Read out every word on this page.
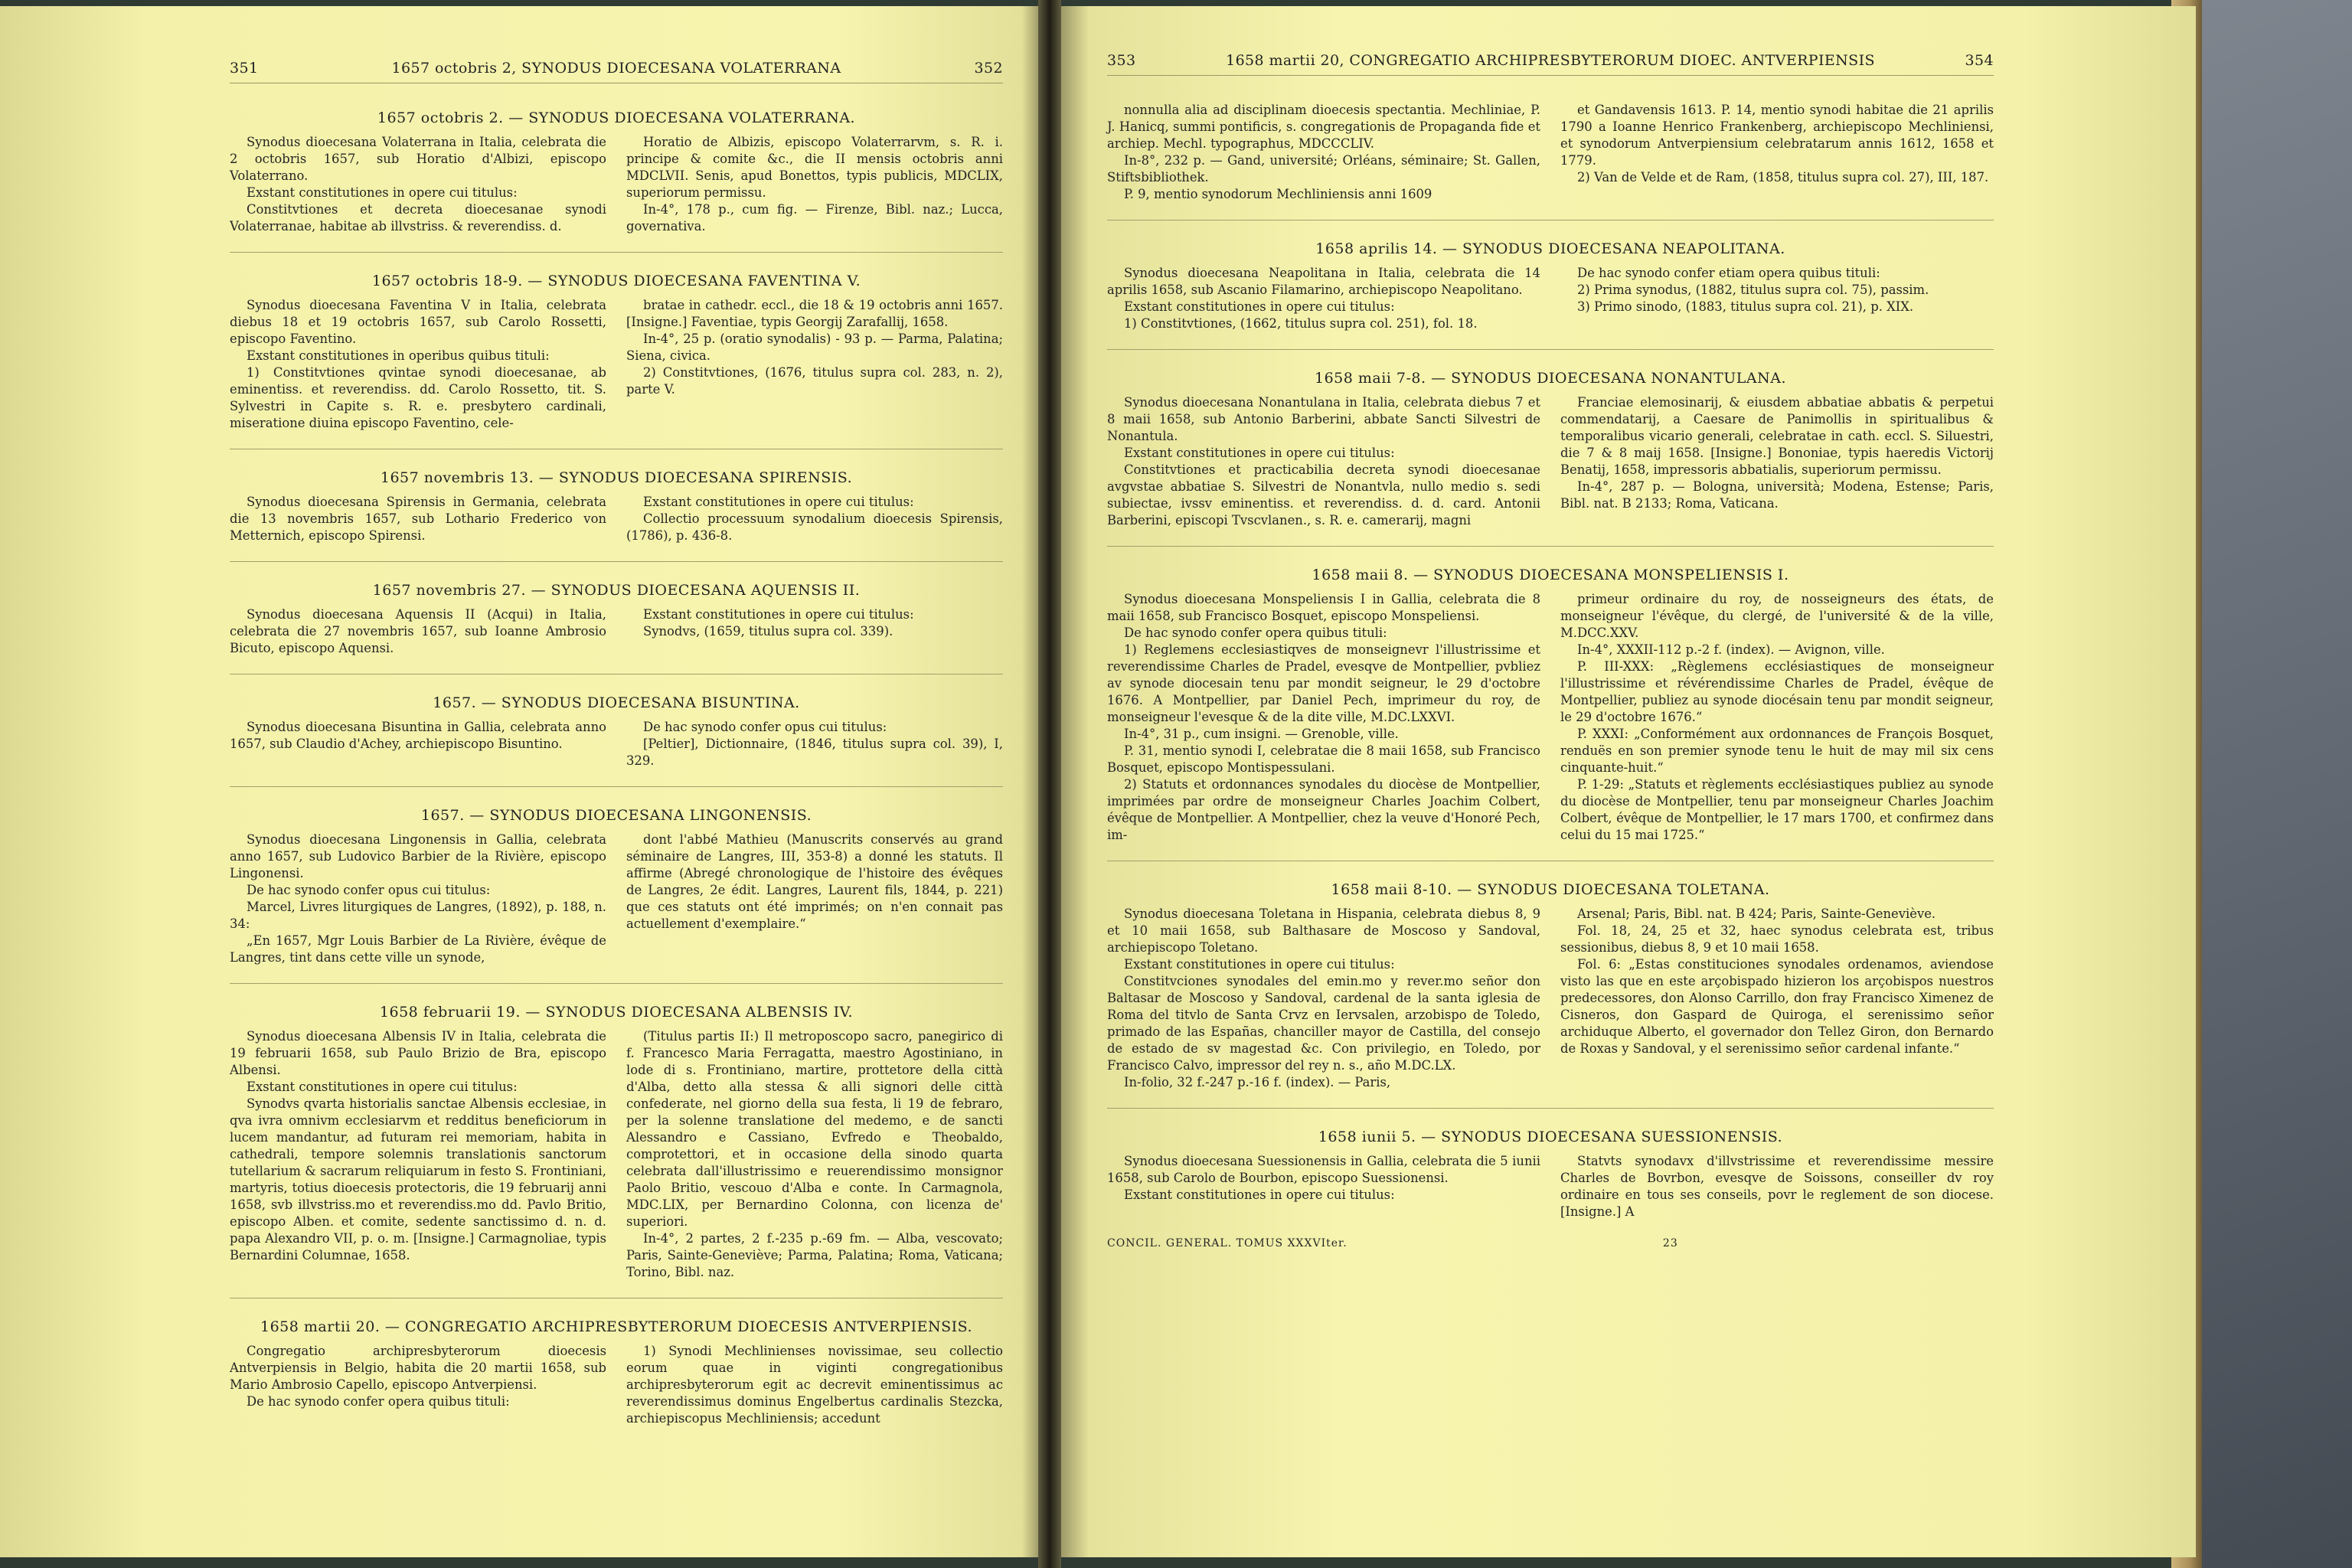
351	1657 octobris 2, SYNODUS DIOECESANA VOLATERRANA	352
1657 octobris 2. — SYNODUS DIOECESANA VOLATERRANA.

Synodus dioecesana Volaterrana in Italia, celebrata die 2 octobris 1657, sub Horatio d'Albizi, episcopo Volaterrano.

Exstant constitutiones in opere cui titulus:

Constitvtiones et decreta dioecesanae synodi Volaterranae, habitae ab illvstriss. & reverendiss. d.

Horatio de Albizis, episcopo Volaterrarvm, s. R. i. principe & comite &c., die II mensis octobris anni MDCLVII. Senis, apud Bonettos, typis publicis, MDCLIX, superiorum permissu.

In-4°, 178 p., cum fig. — Firenze, Bibl. naz.; Lucca, governativa.

1657 octobris 18-9. — SYNODUS DIOECESANA FAVENTINA V.

Synodus dioecesana Faventina V in Italia, celebrata diebus 18 et 19 octobris 1657, sub Carolo Rossetti, episcopo Faventino.

Exstant constitutiones in operibus quibus tituli:

1) Constitvtiones qvintae synodi dioecesanae, ab eminentiss. et reverendiss. dd. Carolo Rossetto, tit. S. Sylvestri in Capite s. R. e. presbytero cardinali, miseratione diuina episcopo Faventino, cele-

bratae in cathedr. eccl., die 18 & 19 octobris anni 1657. [Insigne.] Faventiae, typis Georgij Zarafallij, 1658.

In-4°, 25 p. (oratio synodalis) - 93 p. — Parma, Palatina; Siena, civica.

2) Constitvtiones, (1676, titulus supra col. 283, n. 2), parte V.

1657 novembris 13. — SYNODUS DIOECESANA SPIRENSIS.

Synodus dioecesana Spirensis in Germania, celebrata die 13 novembris 1657, sub Lothario Frederico von Metternich, episcopo Spirensi.

Exstant constitutiones in opere cui titulus:

Collectio processuum synodalium dioecesis Spirensis, (1786), p. 436-8.

1657 novembris 27. — SYNODUS DIOECESANA AQUENSIS II.

Synodus dioecesana Aquensis II (Acqui) in Italia, celebrata die 27 novembris 1657, sub Ioanne Ambrosio Bicuto, episcopo Aquensi.

Exstant constitutiones in opere cui titulus:

Synodvs, (1659, titulus supra col. 339).

1657. — SYNODUS DIOECESANA BISUNTINA.

Synodus dioecesana Bisuntina in Gallia, celebrata anno 1657, sub Claudio d'Achey, archiepiscopo Bisuntino.

De hac synodo confer opus cui titulus:

[Peltier], Dictionnaire, (1846, titulus supra col. 39), I, 329.

1657. — SYNODUS DIOECESANA LINGONENSIS.

Synodus dioecesana Lingonensis in Gallia, celebrata anno 1657, sub Ludovico Barbier de la Rivière, episcopo Lingonensi.

De hac synodo confer opus cui titulus:

Marcel, Livres liturgiques de Langres, (1892), p. 188, n. 34:

„En 1657, Mgr Louis Barbier de La Rivière, évêque de Langres, tint dans cette ville un synode,

dont l'abbé Mathieu (Manuscrits conservés au grand séminaire de Langres, III, 353-8) a donné les statuts. Il affirme (Abregé chronologique de l'histoire des évêques de Langres, 2e édit. Langres, Laurent fils, 1844, p. 221) que ces statuts ont été imprimés; on n'en connait pas actuellement d'exemplaire.“

1658 februarii 19. — SYNODUS DIOECESANA ALBENSIS IV.

Synodus dioecesana Albensis IV in Italia, celebrata die 19 februarii 1658, sub Paulo Brizio de Bra, episcopo Albensi.

Exstant constitutiones in opere cui titulus:

Synodvs qvarta historialis sanctae Albensis ecclesiae, in qva ivra omnivm ecclesiarvm et redditus beneficiorum in lucem mandantur, ad futuram rei memoriam, habita in cathedrali, tempore solemnis translationis sanctorum tutellarium & sacrarum reliquiarum in festo S. Frontiniani, martyris, totius dioecesis protectoris, die 19 februarij anni 1658, svb illvstriss.mo et reverendiss.mo dd. Pavlo Britio, episcopo Alben. et comite, sedente sanctissimo d. n. d. papa Alexandro VII, p. o. m. [Insigne.] Carmagnoliae, typis Bernardini Columnae, 1658.

(Titulus partis II:) Il metroposcopo sacro, panegirico di f. Francesco Maria Ferragatta, maestro Agostiniano, in lode di s. Frontiniano, martire, prottetore della città d'Alba, detto alla stessa & alli signori delle città confederate, nel giorno della sua festa, li 19 de febraro, per la solenne translatione del medemo, e de sancti Alessandro e Cassiano, Evfredo e Theobaldo, comprotettori, et in occasione della sinodo quarta celebrata dall'illustrissimo e reuerendissimo monsignor Paolo Britio, vescouo d'Alba e conte. In Carmagnola, MDC.LIX, per Bernardino Colonna, con licenza de' superiori.

In-4°, 2 partes, 2 f.-235 p.-69 fm. — Alba, vescovato; Paris, Sainte-Geneviève; Parma, Palatina; Roma, Vaticana; Torino, Bibl. naz.

1658 martii 20. — CONGREGATIO ARCHIPRESBYTERORUM DIOECESIS ANTVERPIENSIS.

Congregatio archipresbyterorum dioecesis Antverpiensis in Belgio, habita die 20 martii 1658, sub Mario Ambrosio Capello, episcopo Antverpiensi.

De hac synodo confer opera quibus tituli:

1) Synodi Mechlinienses novissimae, seu collectio eorum quae in viginti congregationibus archipresbyterorum egit ac decrevit eminentissimus ac reverendissimus dominus Engelbertus cardinalis Stezcka, archiepiscopus Mechliniensis; accedunt

353	1658 martii 20, CONGREGATIO ARCHIPRESBYTERORUM DIOEC. ANTVERPIENSIS	354

nonnulla alia ad disciplinam dioecesis spectantia. Mechliniae, P. J. Hanicq, summi pontificis, s. congregationis de Propaganda fide et archiep. Mechl. typographus, MDCCCLIV.

In-8°, 232 p. — Gand, université; Orléans, séminaire; St. Gallen, Stiftsbibliothek.

P. 9, mentio synodorum Mechliniensis anni 1609

et Gandavensis 1613. P. 14, mentio synodi habitae die 21 aprilis 1790 a Ioanne Henrico Frankenberg, archiepiscopo Mechliniensi, et synodorum Antverpiensium celebratarum annis 1612, 1658 et 1779.

2) Van de Velde et de Ram, (1858, titulus supra col. 27), III, 187.

1658 aprilis 14. — SYNODUS DIOECESANA NEAPOLITANA.

Synodus dioecesana Neapolitana in Italia, celebrata die 14 aprilis 1658, sub Ascanio Filamarino, archiepiscopo Neapolitano.

Exstant constitutiones in opere cui titulus:

1) Constitvtiones, (1662, titulus supra col. 251), fol. 18.

De hac synodo confer etiam opera quibus tituli:

2) Prima synodus, (1882, titulus supra col. 75), passim.

3) Primo sinodo, (1883, titulus supra col. 21), p. XIX.

1658 maii 7-8. — SYNODUS DIOECESANA NONANTULANA.

Synodus dioecesana Nonantulana in Italia, celebrata diebus 7 et 8 maii 1658, sub Antonio Barberini, abbate Sancti Silvestri de Nonantula.

Exstant constitutiones in opere cui titulus:

Constitvtiones et practicabilia decreta synodi dioecesanae avgvstae abbatiae S. Silvestri de Nonantvla, nullo medio s. sedi subiectae, ivssv eminentiss. et reverendiss. d. d. card. Antonii Barberini, episcopi Tvscvlanen., s. R. e. camerarij, magni

Franciae elemosinarij, & eiusdem abbatiae abbatis & perpetui commendatarij, a Caesare de Panimollis in spiritualibus & temporalibus vicario generali, celebratae in cath. eccl. S. Siluestri, die 7 & 8 maij 1658. [Insigne.] Bononiae, typis haeredis Victorij Benatij, 1658, impressoris abbatialis, superiorum permissu.

In-4°, 287 p. — Bologna, università; Modena, Estense; Paris, Bibl. nat. B 2133; Roma, Vaticana.

1658 maii 8. — SYNODUS DIOECESANA MONSPELIENSIS I.

Synodus dioecesana Monspeliensis I in Gallia, celebrata die 8 maii 1658, sub Francisco Bosquet, episcopo Monspeliensi.

De hac synodo confer opera quibus tituli:

1) Reglemens ecclesiastiqves de monseignevr l'illustrissime et reverendissime Charles de Pradel, evesqve de Montpellier, pvbliez av synode diocesain tenu par mondit seigneur, le 29 d'octobre 1676. A Montpellier, par Daniel Pech, imprimeur du roy, de monseigneur l'evesque & de la dite ville, M.DC.LXXVI.

In-4°, 31 p., cum insigni. — Grenoble, ville.

P. 31, mentio synodi I, celebratae die 8 maii 1658, sub Francisco Bosquet, episcopo Montispessulani.

2) Statuts et ordonnances synodales du diocèse de Montpellier, imprimées par ordre de monseigneur Charles Joachim Colbert, évêque de Montpellier. A Montpellier, chez la veuve d'Honoré Pech, im-

primeur ordinaire du roy, de nosseigneurs des états, de monseigneur l'évêque, du clergé, de l'université & de la ville, M.DCC.XXV.

In-4°, XXXII-112 p.-2 f. (index). — Avignon, ville.

P. III-XXX: „Règlemens ecclésiastiques de monseigneur l'illustrissime et révérendissime Charles de Pradel, évêque de Montpellier, publiez au synode diocésain tenu par mondit seigneur, le 29 d'octobre 1676.“

P. XXXI: „Conformément aux ordonnances de François Bosquet, renduës en son premier synode tenu le huit de may mil six cens cinquante-huit.“

P. 1-29: „Statuts et règlements ecclésiastiques publiez au synode du diocèse de Montpellier, tenu par monseigneur Charles Joachim Colbert, évêque de Montpellier, le 17 mars 1700, et confirmez dans celui du 15 mai 1725.“

1658 maii 8-10. — SYNODUS DIOECESANA TOLETANA.

Synodus dioecesana Toletana in Hispania, celebrata diebus 8, 9 et 10 maii 1658, sub Balthasare de Moscoso y Sandoval, archiepiscopo Toletano.

Exstant constitutiones in opere cui titulus:

Constitvciones synodales del emin.mo y rever.mo señor don Baltasar de Moscoso y Sandoval, cardenal de la santa iglesia de Roma del titvlo de Santa Crvz en Iervsalen, arzobispo de Toledo, primado de las Españas, chanciller mayor de Castilla, del consejo de estado de sv magestad &c. Con privilegio, en Toledo, por Francisco Calvo, impressor del rey n. s., año M.DC.LX.

In-folio, 32 f.-247 p.-16 f. (index). — Paris,

Arsenal; Paris, Bibl. nat. B 424; Paris, Sainte-Geneviève.

Fol. 18, 24, 25 et 32, haec synodus celebrata est, tribus sessionibus, diebus 8, 9 et 10 maii 1658.

Fol. 6: „Estas constituciones synodales ordenamos, aviendose visto las que en este arçobispado hizieron los arçobispos nuestros predecessores, don Alonso Carrillo, don fray Francisco Ximenez de Cisneros, don Gaspard de Quiroga, el serenissimo señor archiduque Alberto, el governador don Tellez Giron, don Bernardo de Roxas y Sandoval, y el serenissimo señor cardenal infante.“

1658 iunii 5. — SYNODUS DIOECESANA SUESSIONENSIS.

Synodus dioecesana Suessionensis in Gallia, celebrata die 5 iunii 1658, sub Carolo de Bourbon, episcopo Suessionensi.

Exstant constitutiones in opere cui titulus:

Statvts synodavx d'illvstrissime et reverendissime messire Charles de Bovrbon, evesqve de Soissons, conseiller dv roy ordinaire en tous ses conseils, povr le reglement de son diocese. [Insigne.] A

CONCIL. GENERAL. TOMUS XXXVIter.	23
